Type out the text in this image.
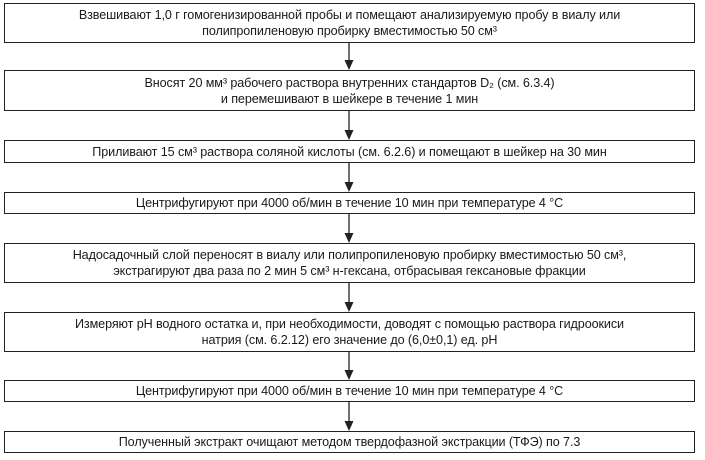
Взвешивают 1,0 г гомогенизированной пробы и помещают анализируемую пробу в виалу или
полипропиленовую пробирку вместимостью 50 см³
Вносят 20 мм³ рабочего раствора внутренних стандартов D₂ (см. 6.3.4)
и перемешивают в шейкере в течение 1 мин
Приливают 15 см³ раствора соляной кислоты (см. 6.2.6) и помещают в шейкер на 30 мин
Центрифугируют при 4000 об/мин в течение 10 мин при температуре 4 °С
Надосадочный слой переносят в виалу или полипропиленовую пробирку вместимостью 50 см³,
экстрагируют два раза по 2 мин 5 см³ н-гексана, отбрасывая гексановые фракции
Измеряют pH водного остатка и, при необходимости, доводят с помощью раствора гидроокиси
натрия (см. 6.2.12) его значение до (6,0±0,1) ед. pH
Центрифугируют при 4000 об/мин в течение 10 мин при температуре 4 °С
Полученный экстракт очищают методом твердофазной экстракции (ТФЭ) по 7.3
